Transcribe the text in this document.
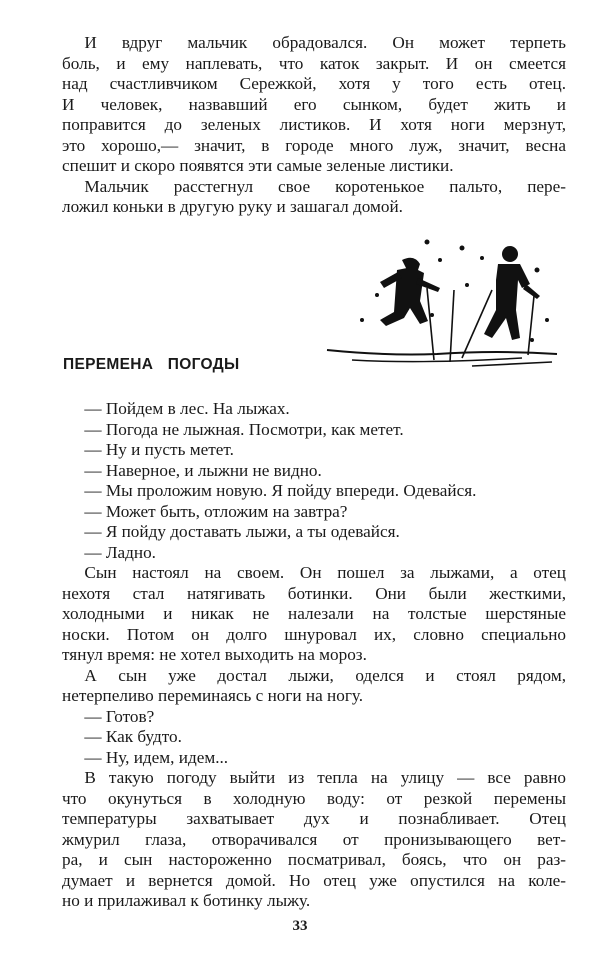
И вдруг мальчик обрадовался. Он может терпеть
боль, и ему наплевать, что каток закрыт. И он смеется
над счастливчиком Сережкой, хотя у того есть отец.
И человек, назвавший его сынком, будет жить и
поправится до зеленых листиков. И хотя ноги мерзнут,
это хорошо,— значит, в городе много луж, значит, весна
спешит и скоро появятся эти самые зеленые листики.
Мальчик расстегнул свое коротенькое пальто, пере-
ложил коньки в другую руку и зашагал домой.
ПЕРЕМЕНА ПОГОДЫ
— Пойдем в лес. На лыжах.
— Погода не лыжная. Посмотри, как метет.
— Ну и пусть метет.
— Наверное, и лыжни не видно.
— Мы проложим новую. Я пойду впереди. Одевайся.
— Может быть, отложим на завтра?
— Я пойду доставать лыжи, а ты одевайся.
— Ладно.
Сын настоял на своем. Он пошел за лыжами, а отец
нехотя стал натягивать ботинки. Они были жесткими,
холодными и никак не налезали на толстые шерстяные
носки. Потом он долго шнуровал их, словно специально
тянул время: не хотел выходить на мороз.
А сын уже достал лыжи, оделся и стоял рядом,
нетерпеливо переминаясь с ноги на ногу.
— Готов?
— Как будто.
— Ну, идем, идем...
В такую погоду выйти из тепла на улицу — все равно
что окунуться в холодную воду: от резкой перемены
температуры захватывает дух и познабливает. Отец
жмурил глаза, отворачивался от пронизывающего вет-
ра, и сын настороженно посматривал, боясь, что он раз-
думает и вернется домой. Но отец уже опустился на коле-
но и прилаживал к ботинку лыжу.
33
